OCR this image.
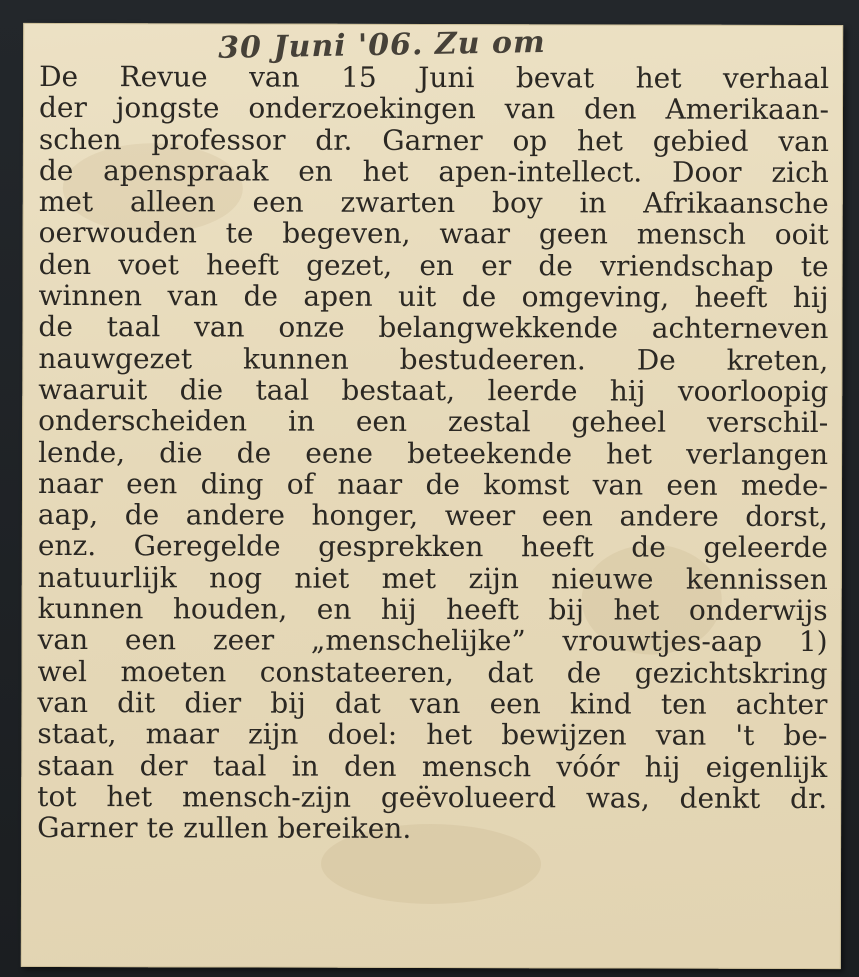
30 Juni '06. Zu om
De Revue van 15 Juni bevat het verhaal
der jongste onderzoekingen van den Amerikaan-
schen professor dr. Garner op het gebied van
de apenspraak en het apen-intellect. Door zich
met alleen een zwarten boy in Afrikaansche
oerwouden te begeven, waar geen mensch ooit
den voet heeft gezet, en er de vriendschap te
winnen van de apen uit de omgeving, heeft hij
de taal van onze belangwekkende achterneven
nauwgezet kunnen bestudeeren. De kreten,
waaruit die taal bestaat, leerde hij voorloopig
onderscheiden in een zestal geheel verschil-
lende, die de eene beteekende het verlangen
naar een ding of naar de komst van een mede-
aap, de andere honger, weer een andere dorst,
enz. Geregelde gesprekken heeft de geleerde
natuurlijk nog niet met zijn nieuwe kennissen
kunnen houden, en hij heeft bij het onderwijs
van een zeer „menschelijke” vrouwtjes-aap 1)
wel moeten constateeren, dat de gezichtskring
van dit dier bij dat van een kind ten achter
staat, maar zijn doel: het bewijzen van 't be-
staan der taal in den mensch vóór hij eigenlijk
tot het mensch-zijn geëvolueerd was, denkt dr.
Garner te zullen bereiken.
